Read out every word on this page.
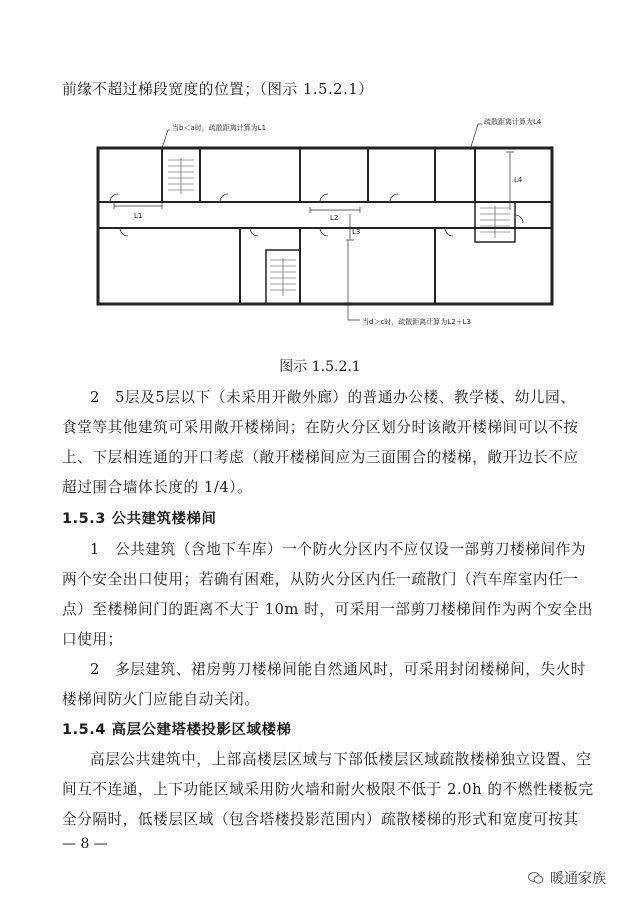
前缘不超过梯段宽度的位置；（图示 1.5.2.1）
当b＜a时，疏散距离计算为L1
疏散距离计算为L4
当d＞c时，疏散距离计算为L2＋L3
L1	L2
L3
L4
图示 1.5.2.1
2　5层及5层以下（未采用开敞外廊）的普通办公楼、教学楼、幼儿园、
食堂等其他建筑可采用敞开楼梯间；在防火分区划分时该敞开楼梯间可以不按
上、下层相连通的开口考虑（敞开楼梯间应为三面围合的楼梯，敞开边长不应
超过围合墙体长度的 1/4）。
1.5.3 公共建筑楼梯间
1　公共建筑（含地下车库）一个防火分区内不应仅设一部剪刀楼梯间作为
两个安全出口使用；若确有困难，从防火分区内任一疏散门（汽车库室内任一
点）至楼梯间门的距离不大于 10m 时，可采用一部剪刀楼梯间作为两个安全出
口使用；
2　多层建筑、裙房剪刀楼梯间能自然通风时，可采用封闭楼梯间，失火时
楼梯间防火门应能自动关闭。
1.5.4 高层公建塔楼投影区域楼梯
高层公共建筑中，上部高楼层区域与下部低楼层区域疏散楼梯独立设置、空
间互不连通，上下功能区域采用防火墙和耐火极限不低于 2.0h 的不燃性楼板完
全分隔时，低楼层区域（包含塔楼投影范围内）疏散楼梯的形式和宽度可按其
— 8 —
暖通家族
